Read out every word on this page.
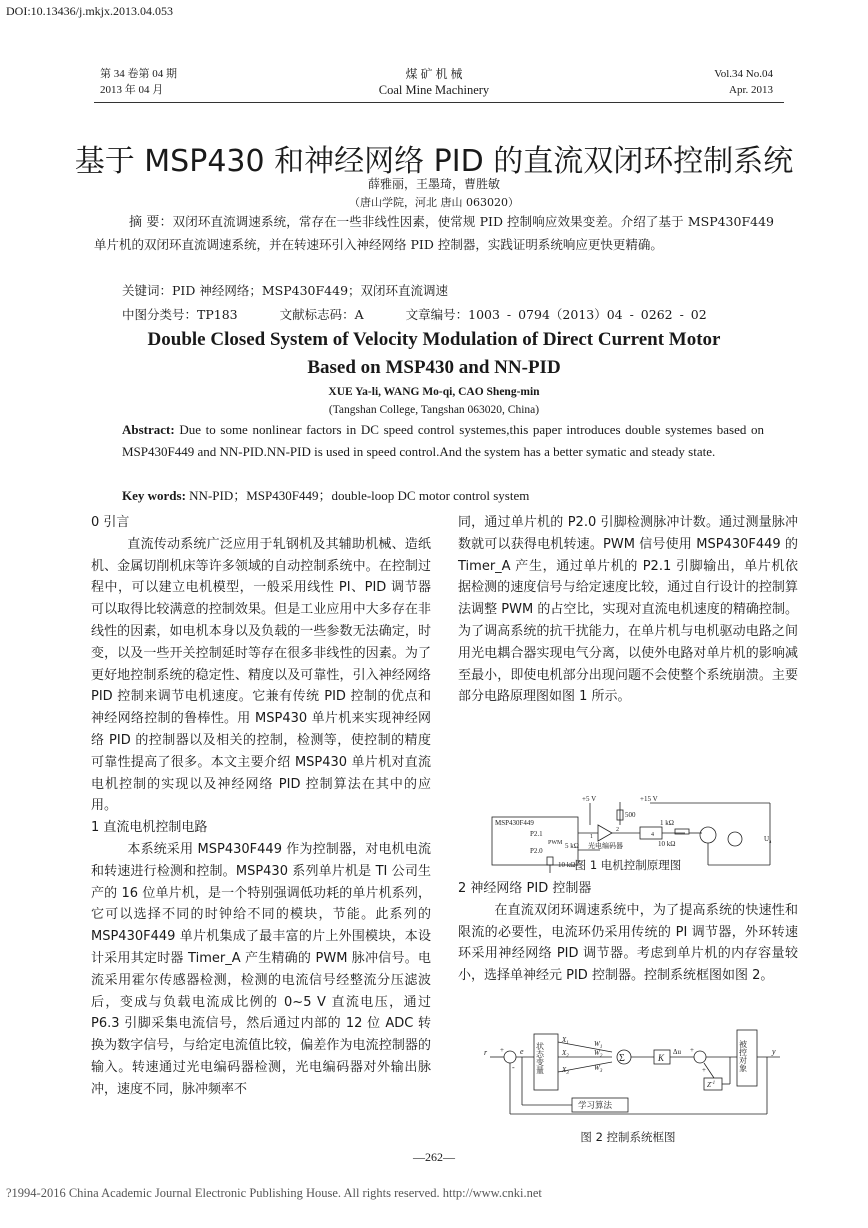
DOI:10.13436/j.mkjx.2013.04.053
第 34 卷第 04 期
2013 年 04 月
煤 矿 机 械
Coal Mine Machinery
Vol.34 No.04
Apr. 2013
基于 MSP430 和神经网络 PID 的直流双闭环控制系统
薛雅丽，王墨琦，曹胜敏
（唐山学院，河北 唐山 063020）
摘 要：双闭环直流调速系统，常存在一些非线性因素，使常规 PID 控制响应效果变差。介绍了基于 MSP430F449 单片机的双闭环直流调速系统，并在转速环引入神经网络 PID 控制器，实践证明系统响应更快更精确。
关键词：PID 神经网络；MSP430F449；双闭环直流调速
中图分类号：TP183	文献标志码：A	文章编号：1003 - 0794（2013）04 - 0262 - 02
Double Closed System of Velocity Modulation of Direct Current Motor
Based on MSP430 and NN-PID
XUE Ya-li, WANG Mo-qi, CAO Sheng-min
(Tangshan College, Tangshan 063020, China)
Abstract: Due to some nonlinear factors in DC speed control systemes,this paper introduces double systemes based on MSP430F449 and NN-PID.NN-PID is used in speed control.And the system has a better symatic and steady state.
Key words: NN-PID；MSP430F449；double-loop DC motor control system
0 引言
直流传动系统广泛应用于轧钢机及其辅助机械、造纸机、金属切削机床等许多领域的自动控制系统中。在控制过程中，可以建立电机模型，一般采用线性 PI、PID 调节器可以取得比较满意的控制效果。但是工业应用中大多存在非线性的因素，如电机本身以及负载的一些参数无法确定，时变，以及一些开关控制延时等存在很多非线性的因素。为了更好地控制系统的稳定性、精度以及可靠性，引入神经网络 PID 控制来调节电机速度。它兼有传统 PID 控制的优点和神经网络控制的鲁棒性。用 MSP430 单片机来实现神经网络 PID 的控制器以及相关的控制，检测等，使控制的精度可靠性提高了很多。本文主要介绍 MSP430 单片机对直流电机控制的实现以及神经网络 PID 控制算法在其中的应用。
1 直流电机控制电路
本系统采用 MSP430F449 作为控制器，对电机电流和转速进行检测和控制。MSP430 系列单片机是 TI 公司生产的 16 位单片机，是一个特别强调低功耗的单片机系列，它可以选择不同的时钟给不同的模块，节能。此系列的 MSP430F449 单片机集成了最丰富的片上外围模块，本设计采用其定时器 Timer_A 产生精确的 PWM 脉冲信号。电流采用霍尔传感器检测，检测的电流信号经整流分压滤波后，变成与负载电流成比例的 0~5 V 直流电压，通过 P6.3 引脚采集电流信号，然后通过内部的 12 位 ADC 转换为数字信号，与给定电流值比较，偏差作为电流控制器的输入。转速通过光电编码器检测，光电编码器对外输出脉冲，速度不同，脉冲频率不
同，通过单片机的 P2.0 引脚检测脉冲计数。通过测量脉冲数就可以获得电机转速。PWM 信号使用 MSP430F449 的 Timer_A 产生，通过单片机的 P2.1 引脚输出，单片机依据检测的速度信号与给定速度比较，通过自行设计的控制算法调整 PWM 的占空比，实现对直流电机速度的精确控制。为了调高系统的抗干扰能力，在单片机与电机驱动电路之间用光电耦合器实现电气分离，以使外电路对单片机的影响减至最小，即使电机部分出现问题不会使整个系统崩溃。主要部分电路原理图如图 1 所示。
MSP430F449
P2.1
PWM
P2.0
+5 V	+15 V
500
1 kΩ
10 kΩ
5 kΩ 光电编码器
10 kΩ
1
2
4	$U_a$
图 1 电机控制原理图
2 神经网络 PID 控制器
在直流双闭环调速系统中，为了提高系统的快速性和限流的必要性，电流环仍采用传统的 PI 调节器，外环转速环采用神经网络 PID 调节器。考虑到单片机的内存容量较小，选择单神经元 PID 控制器。控制系统框图如图 2。
r	e
+
-	状态变量
$X_1$
$X_2$
$X_3$
$W_1$
$W_2$
$W_3$
Σ	K
Δu +
+
$Z^{-1}$
被控对象	y
学习算法
图 2 控制系统框图
—262—
?1994-2016 China Academic Journal Electronic Publishing House. All rights reserved. http://www.cnki.net
